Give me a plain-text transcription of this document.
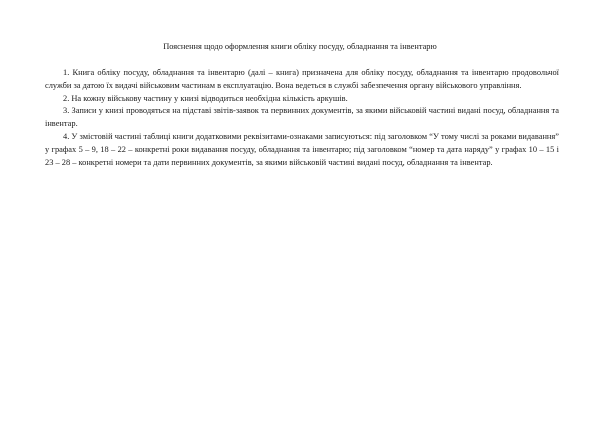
Пояснення щодо оформлення книги обліку посуду, обладнання та інвентарю

1. Книга обліку посуду, обладнання та інвентарю (далі – книга) призначена для обліку посуду, обладнання та інвентарю продовольчої служби за датою їх видачі військовим частинам в експлуатацію. Вона ведеться в службі забезпечення органу військового управління.

2. На кожну військову частину у книзі відводиться необхідна кількість аркушів.

3. Записи у книзі проводяться на підставі звітів-заявок та первинних документів, за якими військовій частині видані посуд, обладнання та інвентар.

4. У змістовій частині таблиці книги додатковими реквізитами-ознаками записуються: під заголовком “У тому числі за роками видавання” у графах 5 – 9, 18 – 22 – конкретні роки видавання посуду, обладнання та інвентарю; під заголовком “номер та дата наряду” у графах 10 – 15 і 23 – 28 – конкретні номери та дати первинних документів, за якими військовій частині видані посуд, обладнання та інвентар.
